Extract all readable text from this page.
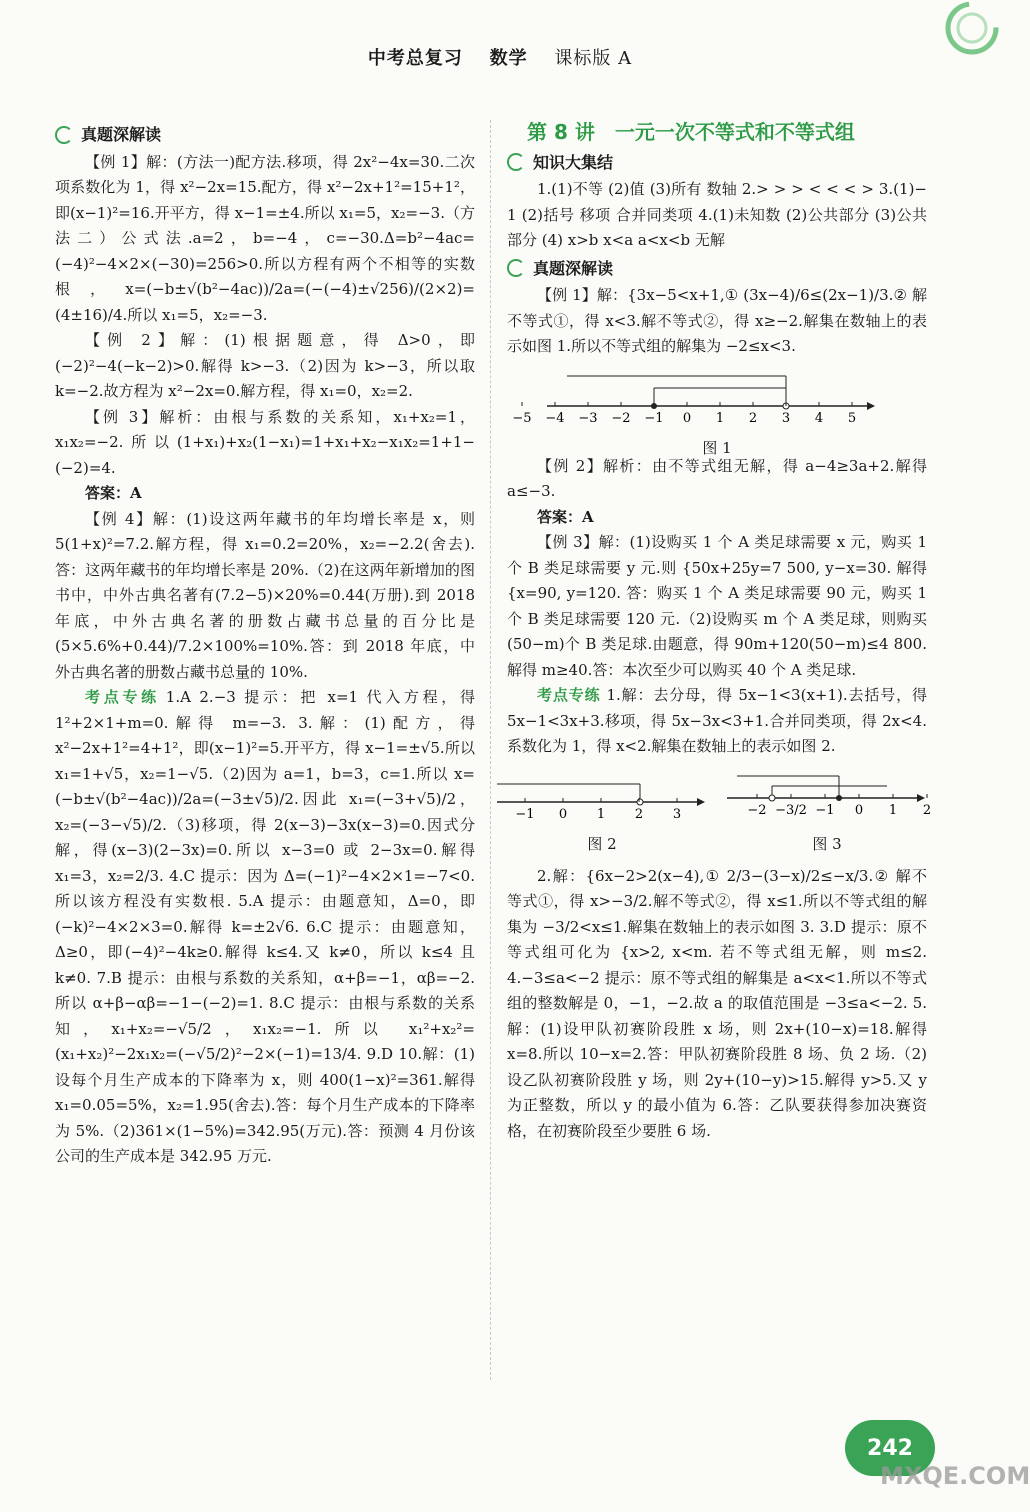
中考总复习 数学 课标版 A
真题深解读

【例 1】解：(方法一)配方法.移项，得 2x²−4x=30.二次项系数化为 1，得 x²−2x=15.配方，得 x²−2x+1²=15+1²，即(x−1)²=16.开平方，得 x−1=±4.所以 x₁=5，x₂=−3.（方法二）公式法.a=2，b=−4，c=−30.Δ=b²−4ac=(−4)²−4×2×(−30)=256>0.所以方程有两个不相等的实数根，x=(−b±√(b²−4ac))/2a=(−(−4)±√256)/(2×2)=(4±16)/4.所以 x₁=5，x₂=−3.

【例 2】解：(1)根据题意，得 Δ>0，即(−2)²−4(−k−2)>0.解得 k>−3.（2)因为 k>−3，所以取 k=−2.故方程为 x²−2x=0.解方程，得 x₁=0，x₂=2.

【例 3】解析：由根与系数的关系知，x₁+x₂=1，x₁x₂=−2.所以(1+x₁)+x₂(1−x₁)=1+x₁+x₂−x₁x₂=1+1−(−2)=4.

答案：A

【例 4】解：(1)设这两年藏书的年均增长率是 x，则 5(1+x)²=7.2.解方程，得 x₁=0.2=20%，x₂=−2.2(舍去).答：这两年藏书的年均增长率是 20%.（2)在这两年新增加的图书中，中外古典名著有(7.2−5)×20%=0.44(万册).到 2018 年底，中外古典名著的册数占藏书总量的百分比是 (5×5.6%+0.44)/7.2×100%=10%.答：到 2018 年底，中外古典名著的册数占藏书总量的 10%.

考点专练 1.A 2.−3 提示：把 x=1 代入方程，得 1²+2×1+m=0.解得 m=−3. 3.解：(1)配方，得 x²−2x+1²=4+1²，即(x−1)²=5.开平方，得 x−1=±√5.所以 x₁=1+√5，x₂=1−√5.（2)因为 a=1，b=3，c=1.所以 x=(−b±√(b²−4ac))/2a=(−3±√5)/2.因此 x₁=(−3+√5)/2，x₂=(−3−√5)/2.（3)移项，得 2(x−3)−3x(x−3)=0.因式分解，得(x−3)(2−3x)=0.所以 x−3=0 或 2−3x=0.解得 x₁=3，x₂=2/3. 4.C 提示：因为 Δ=(−1)²−4×2×1=−7<0.所以该方程没有实数根. 5.A 提示：由题意知，Δ=0，即(−k)²−4×2×3=0.解得 k=±2√6. 6.C 提示：由题意知，Δ≥0，即(−4)²−4k≥0.解得 k≤4.又 k≠0，所以 k≤4 且 k≠0. 7.B 提示：由根与系数的关系知，α+β=−1，αβ=−2.所以 α+β−αβ=−1−(−2)=1. 8.C 提示：由根与系数的关系知，x₁+x₂=−√5/2，x₁x₂=−1.所以 x₁²+x₂²=(x₁+x₂)²−2x₁x₂=(−√5/2)²−2×(−1)=13/4. 9.D 10.解：(1)设每个月生产成本的下降率为 x，则 400(1−x)²=361.解得 x₁=0.05=5%，x₂=1.95(舍去).答：每个月生产成本的下降率为 5%.（2)361×(1−5%)=342.95(万元).答：预测 4 月份该公司的生产成本是 342.95 万元.

第 8 讲　一元一次不等式和不等式组
知识大集结

1.(1)不等 (2)值 (3)所有 数轴 2.> > > < < < > 3.(1)− 1 (2)括号 移项 合并同类项 4.(1)未知数 (2)公共部分 (3)公共部分 (4) x>b x<a a<x<b 无解

真题深解读

【例 1】解：{3x−5<x+1,① (3x−4)/6≤(2x−1)/3.② 解不等式①，得 x<3.解不等式②，得 x≥−2.解集在数轴上的表示如图 1.所以不等式组的解集为 −2≤x<3.

−5 −4 −3 −2 −1 0 1 2 3 4 5
图 1

【例 2】解析：由不等式组无解，得 a−4≥3a+2.解得 a≤−3.

答案：A

【例 3】解：(1)设购买 1 个 A 类足球需要 x 元，购买 1 个 B 类足球需要 y 元.则 {50x+25y=7 500, y−x=30. 解得 {x=90, y=120. 答：购买 1 个 A 类足球需要 90 元，购买 1 个 B 类足球需要 120 元.（2)设购买 m 个 A 类足球，则购买(50−m)个 B 类足球.由题意，得 90m+120(50−m)≤4 800.解得 m≥40.答：本次至少可以购买 40 个 A 类足球.

考点专练 1.解：去分母，得 5x−1<3(x+1).去括号，得 5x−1<3x+3.移项，得 5x−3x<3+1.合并同类项，得 2x<4.系数化为 1，得 x<2.解集在数轴上的表示如图 2.

−1 0 1 2 3
图 2
−2 −3/2 −1 0 1 2
图 3

2.解：{6x−2>2(x−4),① 2/3−(3−x)/2≤−x/3.② 解不等式①，得 x>−3/2.解不等式②，得 x≤1.所以不等式组的解集为 −3/2<x≤1.解集在数轴上的表示如图 3. 3.D 提示：原不等式组可化为 {x>2, x<m. 若不等式组无解，则 m≤2. 4.−3≤a<−2 提示：原不等式组的解集是 a<x<1.所以不等式组的整数解是 0，−1，−2.故 a 的取值范围是 −3≤a<−2. 5.解：(1)设甲队初赛阶段胜 x 场，则 2x+(10−x)=18.解得 x=8.所以 10−x=2.答：甲队初赛阶段胜 8 场、负 2 场.（2)设乙队初赛阶段胜 y 场，则 2y+(10−y)>15.解得 y>5.又 y 为正整数，所以 y 的最小值为 6.答：乙队要获得参加决赛资格，在初赛阶段至少要胜 6 场.

242
MXQE.COM
